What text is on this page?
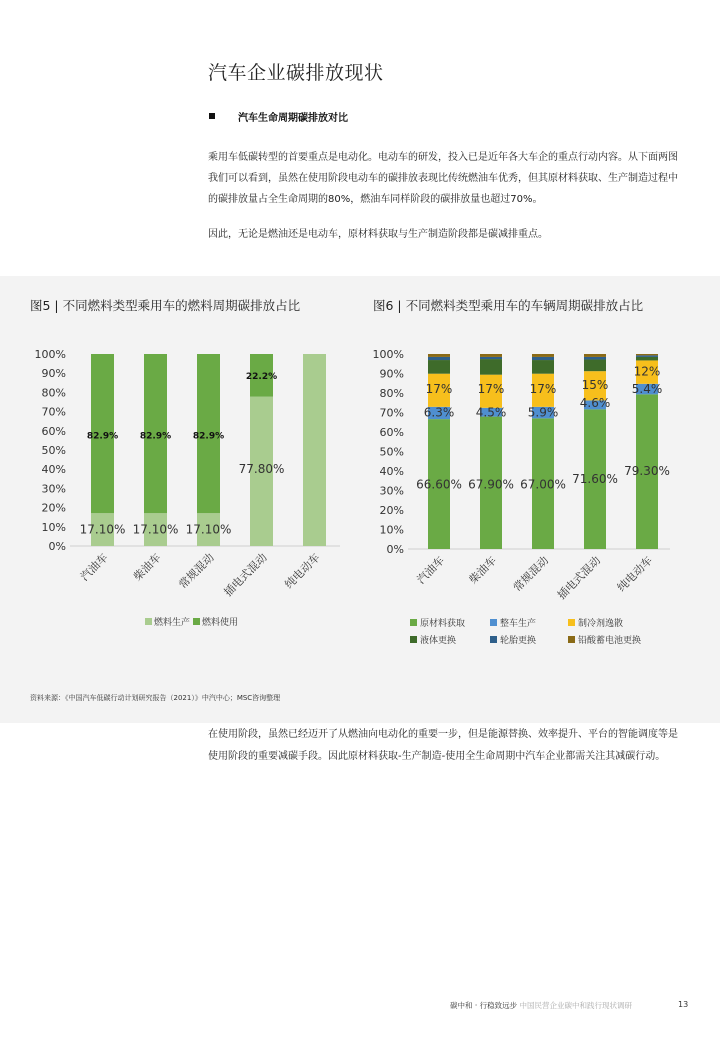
汽车企业碳排放现状
汽车生命周期碳排放对比
乘用车低碳转型的首要重点是电动化。电动车的研发，投入已是近年各大车企的重点行动内容。从下面两图我们可以看到，虽然在使用阶段电动车的碳排放表现比传统燃油车优秀，但其原材料获取、生产制造过程中的碳排放量占全生命周期的80%，燃油车同样阶段的碳排放量也超过70%。
因此，无论是燃油还是电动车，原材料获取与生产制造阶段都是碳减排重点。
图5 | 不同燃料类型乘用车的燃料周期碳排放占比	图6 | 不同燃料类型乘用车的车辆周期碳排放占比
0%
10%
20%
30%
40%
50%
60%
70%
80%
90%
100%
汽油车 柴油车 常规混动 插电式混动 纯电动车
17.10%
82.9%
17.10%
82.9%
17.10%
82.9%
77.80%
22.2%
燃料生产 燃料使用
0%
10%
20%
30%
40%
50%
60%
70%
80%
90%
100%
汽油车 柴油车 常规混动 插电式混动 纯电动车
66.60%
6.3%
17%
67.90%
4.5%
17%
67.00%
5.9%
17%
71.60%
4.6%
15%
79.30%
5.4%
12%
原材料获取	整车生产	制冷剂逸散
液体更换	轮胎更换	铅酸蓄电池更换
资料来源：《中国汽车低碳行动计划研究报告（2021）》中汽中心；MSC咨询整理
在使用阶段，虽然已经迈开了从燃油向电动化的重要一步，但是能源替换、效率提升、平台的智能调度等是使用阶段的重要减碳手段。因此原材料获取-生产制造-使用全生命周期中汽车企业都需关注其减碳行动。
碳中和 · 行稳致远步 中国民营企业碳中和践行现状调研	13
